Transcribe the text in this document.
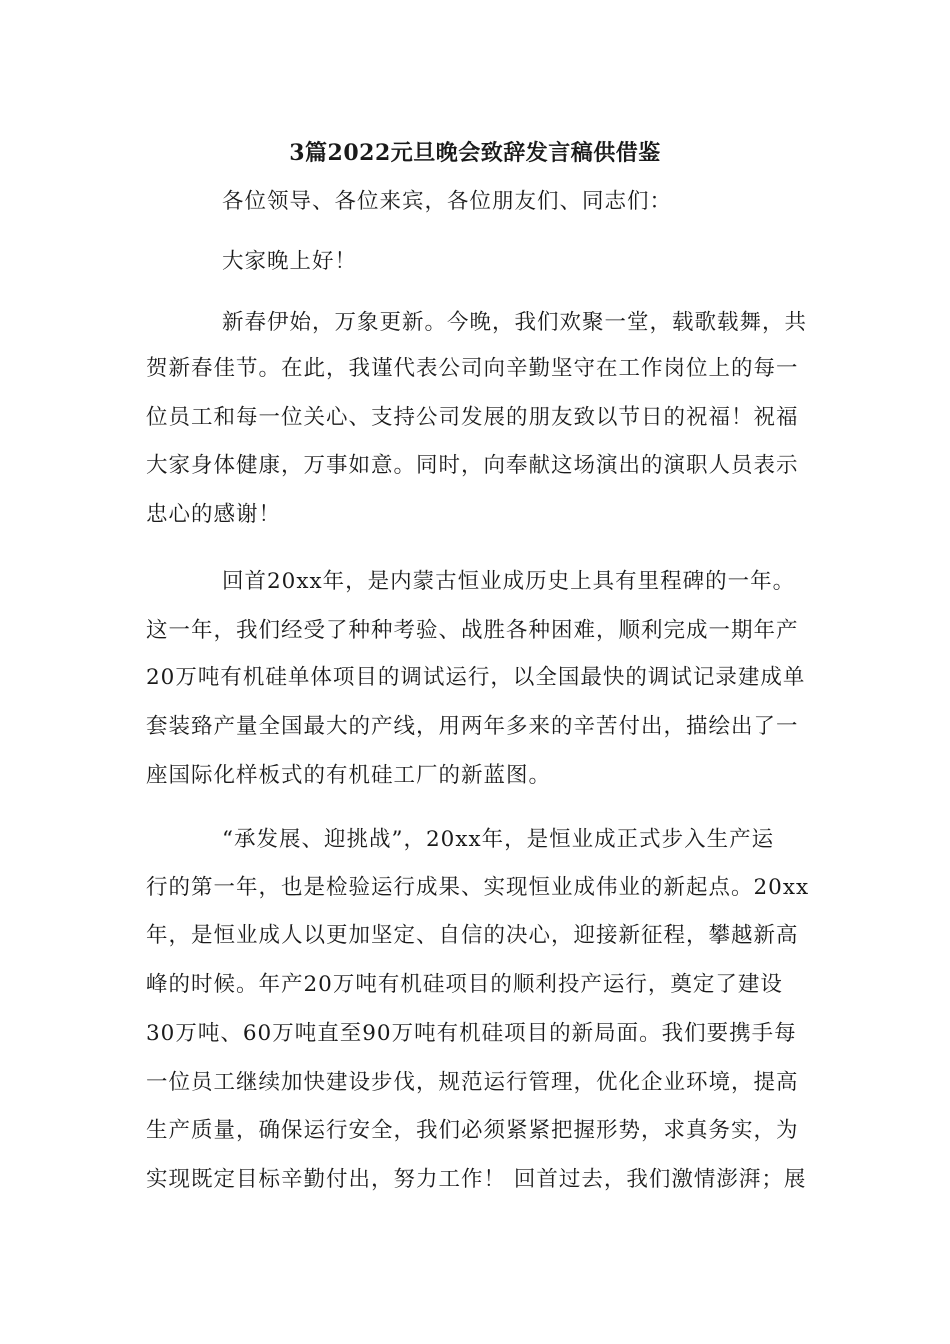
3篇2022元旦晚会致辞发言稿供借鉴
各位领导、各位来宾，各位朋友们、同志们：
大家晚上好！
新春伊始，万象更新。今晚，我们欢聚一堂，载歌载舞，共
贺新春佳节。在此，我谨代表公司向辛勤坚守在工作岗位上的每一
位员工和每一位关心、支持公司发展的朋友致以节日的祝福！祝福
大家身体健康，万事如意。同时，向奉献这场演出的演职人员表示
忠心的感谢！
回首20xx年，是内蒙古恒业成历史上具有里程碑的一年。
这一年，我们经受了种种考验、战胜各种困难，顺利完成一期年产
20万吨有机硅单体项目的调试运行，以全国最快的调试记录建成单
套装臵产量全国最大的产线，用两年多来的辛苦付出，描绘出了一
座国际化样板式的有机硅工厂的新蓝图。
“承发展、迎挑战”，20xx年，是恒业成正式步入生产运
行的第一年，也是检验运行成果、实现恒业成伟业的新起点。20xx
年，是恒业成人以更加坚定、自信的决心，迎接新征程，攀越新高
峰的时候。年产20万吨有机硅项目的顺利投产运行，奠定了建设
30万吨、60万吨直至90万吨有机硅项目的新局面。我们要携手每
一位员工继续加快建设步伐，规范运行管理，优化企业环境，提高
生产质量，确保运行安全，我们必须紧紧把握形势，求真务实，为
实现既定目标辛勤付出，努力工作！ 回首过去，我们激情澎湃；展
